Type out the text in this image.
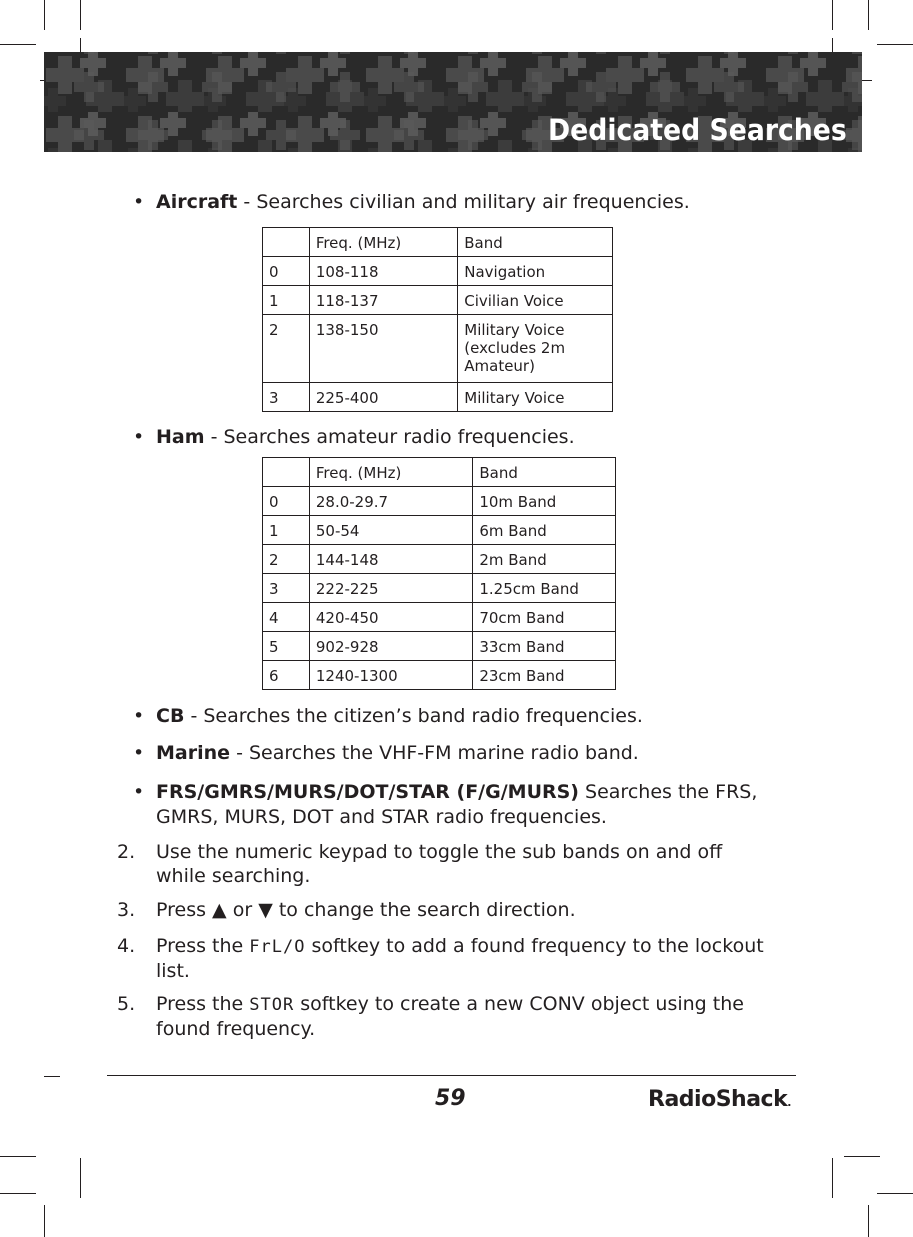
Dedicated Searches
• Aircraft - Searches civilian and military air frequencies.
	Freq. (MHz)	Band
0	108-118	Navigation
1	118-137	Civilian Voice
2	138-150	Military Voice (excludes 2m Amateur)
3	225-400	Military Voice
• Ham - Searches amateur radio frequencies.
	Freq. (MHz)	Band
0	28.0-29.7	10m Band
1	50-54	6m Band
2	144-148	2m Band
3	222-225	1.25cm Band
4	420-450	70cm Band
5	902-928	33cm Band
6	1240-1300	23cm Band
• CB - Searches the citizen’s band radio frequencies.
• Marine - Searches the VHF-FM marine radio band.
• FRS/GMRS/MURS/DOT/STAR (F/G/MURS) Searches the FRS,
GMRS, MURS, DOT and STAR radio frequencies.
2. Use the numeric keypad to toggle the sub bands on and off
while searching.
3. Press ▲ or ▼ to change the search direction.
4. Press the FrL/O softkey to add a found frequency to the lockout
list.
5. Press the STOR softkey to create a new CONV object using the
found frequency.
59	RadioShack.
